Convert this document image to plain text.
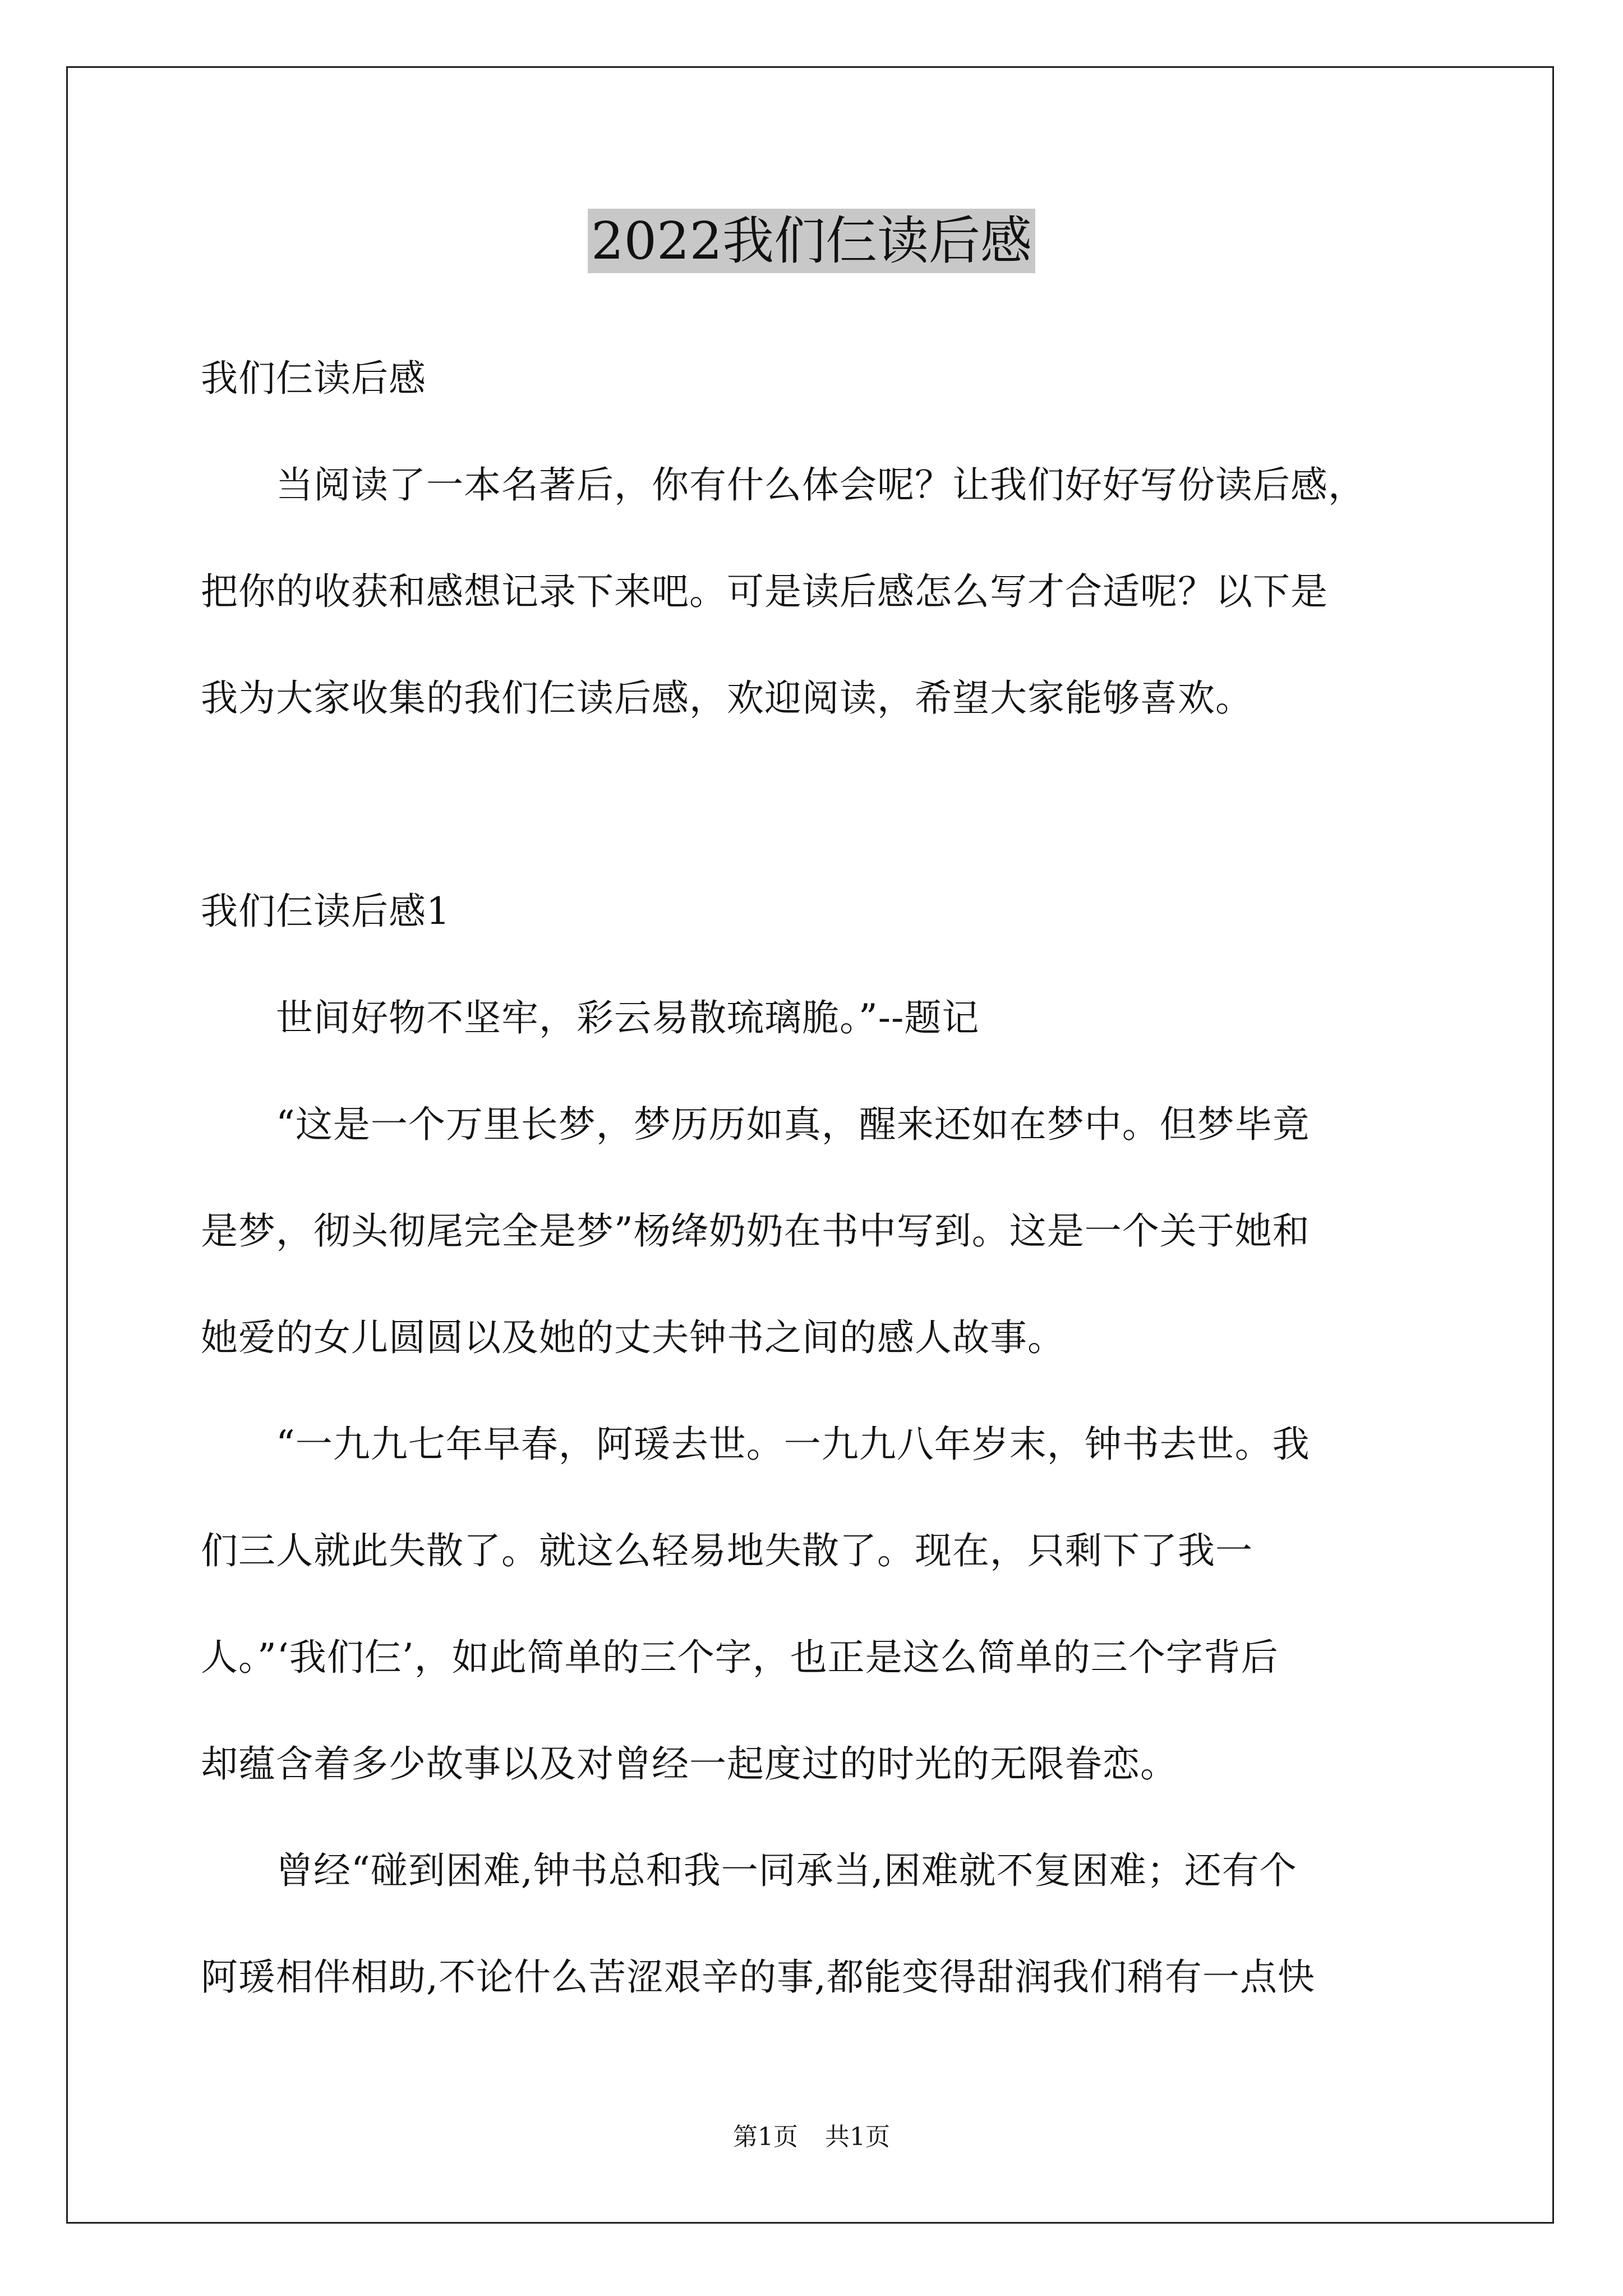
2022我们仨读后感
我们仨读后感
　　当阅读了一本名著后，你有什么体会呢？让我们好好写份读后感，
把你的收获和感想记录下来吧。可是读后感怎么写才合适呢？以下是
我为大家收集的我们仨读后感，欢迎阅读，希望大家能够喜欢。
我们仨读后感1
　　世间好物不坚牢，彩云易散琉璃脆。”--题记
　　“这是一个万里长梦，梦历历如真，醒来还如在梦中。但梦毕竟
是梦，彻头彻尾完全是梦”杨绛奶奶在书中写到。这是一个关于她和
她爱的女儿圆圆以及她的丈夫钟书之间的感人故事。
　　“一九九七年早春，阿瑗去世。一九九八年岁末，钟书去世。我
们三人就此失散了。就这么轻易地失散了。现在，只剩下了我一
人。”‘我们仨’，如此简单的三个字，也正是这么简单的三个字背后
却蕴含着多少故事以及对曾经一起度过的时光的无限眷恋。
　　曾经“碰到困难,钟书总和我一同承当,困难就不复困难；还有个
阿瑗相伴相助,不论什么苦涩艰辛的事,都能变得甜润我们稍有一点快
第1页 共1页
